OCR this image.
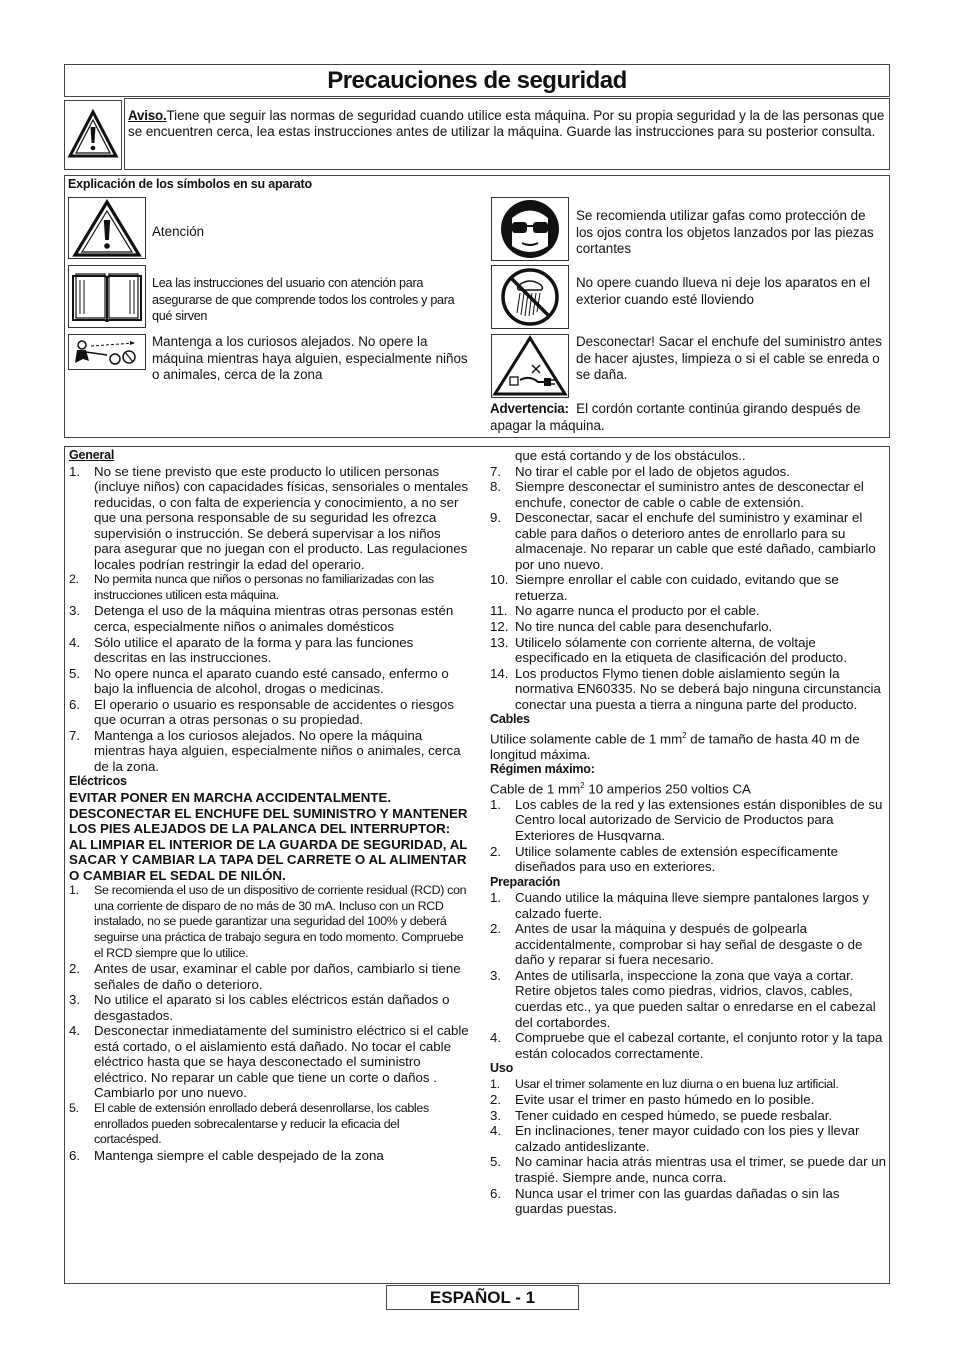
Precauciones de seguridad
Aviso.Tiene que seguir las normas de seguridad cuando utilice esta máquina. Por su propia seguridad y la de las personas que se encuentren cerca, lea estas instrucciones antes de utilizar la máquina. Guarde las instrucciones para su posterior consulta.
Explicación de los símbolos en su aparato
Atención
Lea las instrucciones del usuario con atención para asegurarse de que comprende todos los controles y para qué sirven
Mantenga a los curiosos alejados. No opere la máquina mientras haya alguien, especialmente niños o animales, cerca de la zona
Se recomienda utilizar gafas como protección de los ojos contra los objetos lanzados por las piezas cortantes
No opere cuando llueva ni deje los aparatos en el exterior cuando esté lloviendo
Desconectar! Sacar el enchufe del suministro antes de hacer ajustes, limpieza o si el cable se enreda o se daña.
Advertencia: El cordón cortante continúa girando después de apagar la máquina.
General
1.	No se tiene previsto que este producto lo utilicen personas (incluye niños) con capacidades físicas, sensoriales o mentales reducidas, o con falta de experiencia y conocimiento, a no ser que una persona responsable de su seguridad les ofrezca supervisión o instrucción. Se deberá supervisar a los niños para asegurar que no juegan con el producto. Las regulaciones locales podrían restringir la edad del operario.
2.	No permita nunca que niños o personas no familiarizadas con las instrucciones utilicen esta máquina.
3.	Detenga el uso de la máquina mientras otras personas estén cerca, especialmente niños o animales domésticos
4.	Sólo utilice el aparato de la forma y para las funciones descritas en las instrucciones.
5.	No opere nunca el aparato cuando esté cansado, enfermo o bajo la influencia de alcohol, drogas o medicinas.
6.	El operario o usuario es responsable de accidentes o riesgos que ocurran a otras personas o su propiedad.
7.	Mantenga a los curiosos alejados. No opere la máquina mientras haya alguien, especialmente niños o animales, cerca de la zona.
Eléctricos
EVITAR PONER EN MARCHA ACCIDENTALMENTE. DESCONECTAR EL ENCHUFE DEL SUMINISTRO Y MANTENER LOS PIES ALEJADOS DE LA PALANCA DEL INTERRUPTOR: AL LIMPIAR EL INTERIOR DE LA GUARDA DE SEGURIDAD, AL SACAR Y CAMBIAR LA TAPA DEL CARRETE O AL ALIMENTAR O CAMBIAR EL SEDAL DE NILÓN.
1.	Se recomienda el uso de un dispositivo de corriente residual (RCD) con una corriente de disparo de no más de 30 mA. Incluso con un RCD instalado, no se puede garantizar una seguridad del 100% y deberá seguirse una práctica de trabajo segura en todo momento. Compruebe el RCD siempre que lo utilice.
2.	Antes de usar, examinar el cable por daños, cambiarlo si tiene señales de daño o deterioro.
3.	No utilice el aparato si los cables eléctricos están dañados o desgastados.
4.	Desconectar inmediatamente del suministro eléctrico si el cable está cortado, o el aislamiento está dañado. No tocar el cable eléctrico hasta que se haya desconectado el suministro eléctrico. No reparar un cable que tiene un corte o daños . Cambiarlo por uno nuevo.
5.	El cable de extensión enrollado deberá desenrollarse, los cables enrollados pueden sobrecalentarse y reducir la eficacia del cortacésped.
6.	Mantenga siempre el cable despejado de la zona
que está cortando y de los obstáculos..
7.	No tirar el cable por el lado de objetos agudos.
8.	Siempre desconectar el suministro antes de desconectar el enchufe, conector de cable o cable de extensión.
9.	Desconectar, sacar el enchufe del suministro y examinar el cable para daños o deterioro antes de enrollarlo para su almacenaje. No reparar un cable que esté dañado, cambiarlo por uno nuevo.
10. Siempre enrollar el cable con cuidado, evitando que se retuerza.
11. No agarre nunca el producto por el cable.
12. No tire nunca del cable para desenchufarlo.
13. Utilicelo sólamente con corriente alterna, de voltaje especificado en la etiqueta de clasificación del producto.
14. Los productos Flymo tienen doble aislamiento según la normativa EN60335. No se deberá bajo ninguna circunstancia conectar una puesta a tierra a ninguna parte del producto.
Cables
Utilice solamente cable de 1 $mm^2$ de tamaño de hasta 40 m de longitud máxima.
Régimen máximo:
Cable de 1 $mm^2$ 10 amperios 250 voltios CA
1.	Los cables de la red y las extensiones están disponibles de su Centro local autorizado de Servicio de Productos para Exteriores de Husqvarna.
2.	Utilice solamente cables de extensión específicamente diseñados para uso en exteriores.
Preparación
1.	Cuando utilice la máquina lleve siempre pantalones largos y calzado fuerte.
2.	Antes de usar la máquina y después de golpearla accidentalmente, comprobar si hay señal de desgaste o de daño y reparar si fuera necesario.
3.	Antes de utilisarla, inspeccione la zona que vaya a cortar. Retire objetos tales como piedras, vidrios, clavos, cables, cuerdas etc., ya que pueden saltar o enredarse en el cabezal del cortabordes.
4.	Compruebe que el cabezal cortante, el conjunto rotor y la tapa están colocados correctamente.
Uso
1.	Usar el trimer solamente en luz diurna o en buena luz artificial.
2.	Evite usar el trimer en pasto húmedo en lo posible.
3.	Tener cuidado en cesped húmedo, se puede resbalar.
4.	En inclinaciones, tener mayor cuidado con los pies y llevar calzado antideslizante.
5.	No caminar hacia atrás mientras usa el trimer, se puede dar un traspié. Siempre ande, nunca corra.
6.	Nunca usar el trimer con las guardas dañadas o sin las guardas puestas.
ESPAÑOL - 1
